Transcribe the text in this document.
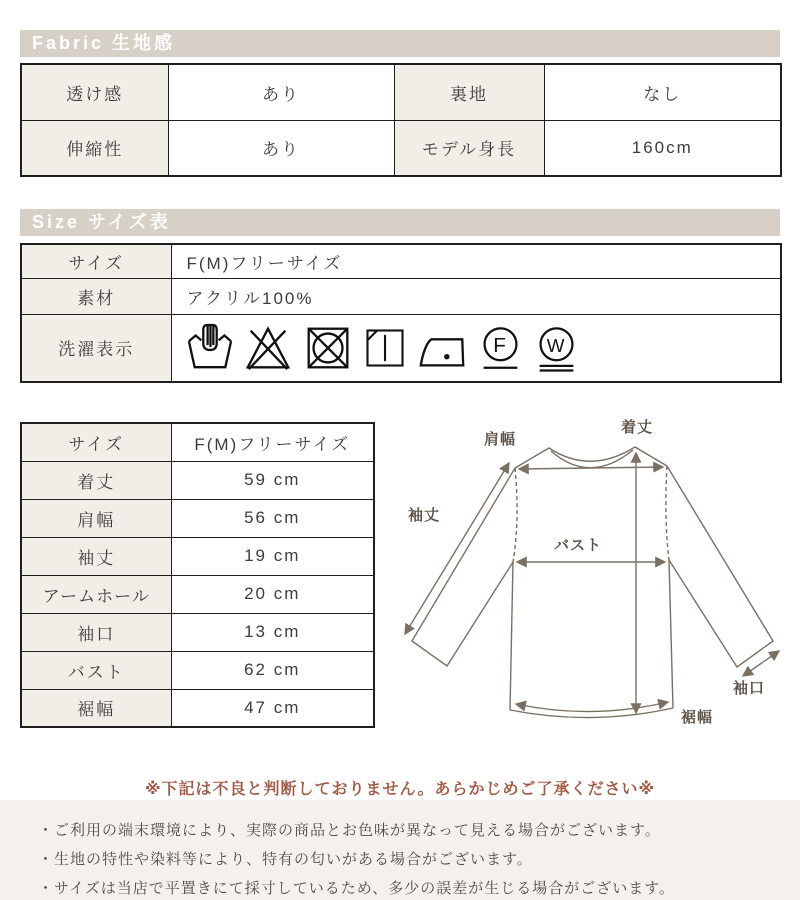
Fabric 生地感
透け感	あり	裏地	なし
伸縮性	あり	モデル身長	160cm
Size サイズ表
サイズ	F(M)フリーサイズ
素材	アクリル100%
洗濯表示	F W
サイズ	F(M)フリーサイズ
着丈	59 cm
肩幅	56 cm
袖丈	19 cm
アームホール	20 cm
袖口	13 cm
バスト	62 cm
裾幅	47 cm
肩幅
着丈
袖丈
バスト
袖口
裾幅
※下記は不良と判断しておりません。あらかじめご了承ください※
・ご利用の端末環境により、実際の商品とお色味が異なって見える場合がございます。
・生地の特性や染料等により、特有の匂いがある場合がございます。
・サイズは当店で平置きにて採寸しているため、多少の誤差が生じる場合がございます。
